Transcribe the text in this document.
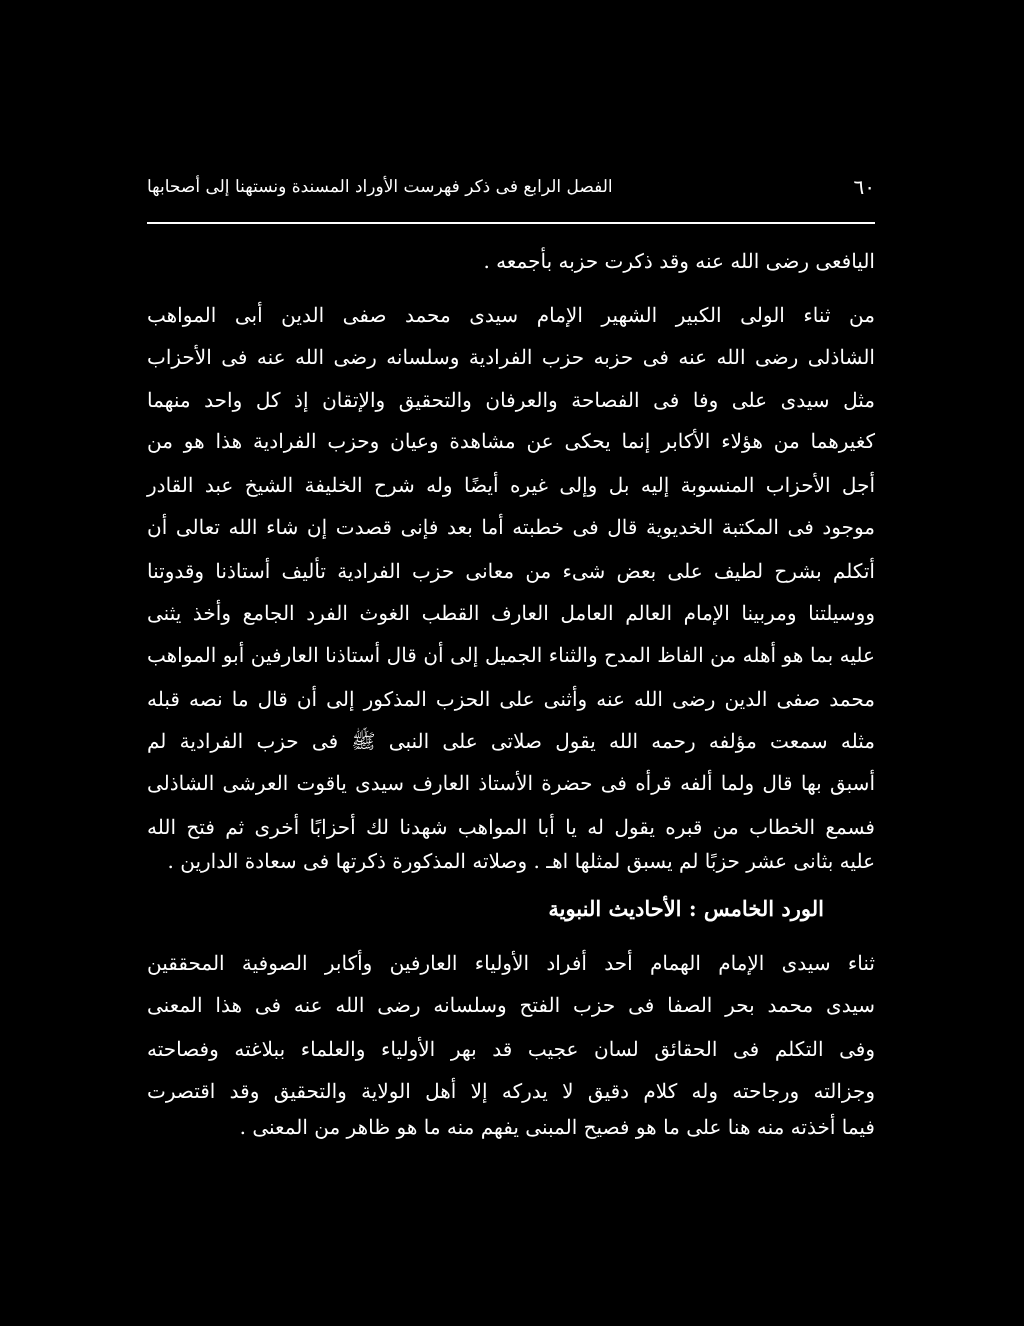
٦٠
الفصل الرابع فى ذكر فهرست الأوراد المسندة ونستهنا إلى أصحابها
اليافعى رضى الله عنه وقد ذكرت حزبه بأجمعه .
من ثناء الولى الكبير الشهير الإمام سيدى محمد صفى الدين أبى المواهب
الشاذلى رضى الله عنه فى حزبه حزب الفرادية وسلسانه رضى الله عنه فى الأحزاب
مثل سيدى على وفا فى الفصاحة والعرفان والتحقيق والإتقان إذ كل واحد منهما
كغيرهما من هؤلاء الأكابر إنما يحكى عن مشاهدة وعيان وحزب الفرادية هذا هو من
أجل الأحزاب المنسوبة إليه بل وإلى غيره أيضًا وله شرح الخليفة الشيخ عبد القادر
موجود فى المكتبة الخديوية قال فى خطبته أما بعد فإنى قصدت إن شاء الله تعالى أن
أتكلم بشرح لطيف على بعض شىء من معانى حزب الفرادية تأليف أستاذنا وقدوتنا
ووسيلتنا ومربينا الإمام العالم العامل العارف القطب الغوث الفرد الجامع وأخذ يثنى
عليه بما هو أهله من الفاظ المدح والثناء الجميل إلى أن قال أستاذنا العارفين أبو المواهب
محمد صفى الدين رضى الله عنه وأثنى على الحزب المذكور إلى أن قال ما نصه قبله
مثله سمعت مؤلفه رحمه الله يقول صلاتى على النبى ﷺ فى حزب الفرادية لم
أسبق بها قال ولما ألفه قرأه فى حضرة الأستاذ العارف سيدى ياقوت العرشى الشاذلى
فسمع الخطاب من قبره يقول له يا أبا المواهب شهدنا لك أحزابًا أخرى ثم فتح الله
عليه بثانى عشر حزبًا لم يسبق لمثلها اهـ . وصلاته المذكورة ذكرتها فى سعادة الدارين .
الورد الخامس : الأحاديث النبوية
ثناء سيدى الإمام الهمام أحد أفراد الأولياء العارفين وأكابر الصوفية المحققين
سيدى محمد بحر الصفا فى حزب الفتح وسلسانه رضى الله عنه فى هذا المعنى
وفى التكلم فى الحقائق لسان عجيب قد بهر الأولياء والعلماء ببلاغته وفصاحته
وجزالته ورجاحته وله كلام دقيق لا يدركه إلا أهل الولاية والتحقيق وقد اقتصرت
فيما أخذته منه هنا على ما هو فصيح المبنى يفهم منه ما هو ظاهر من المعنى .
